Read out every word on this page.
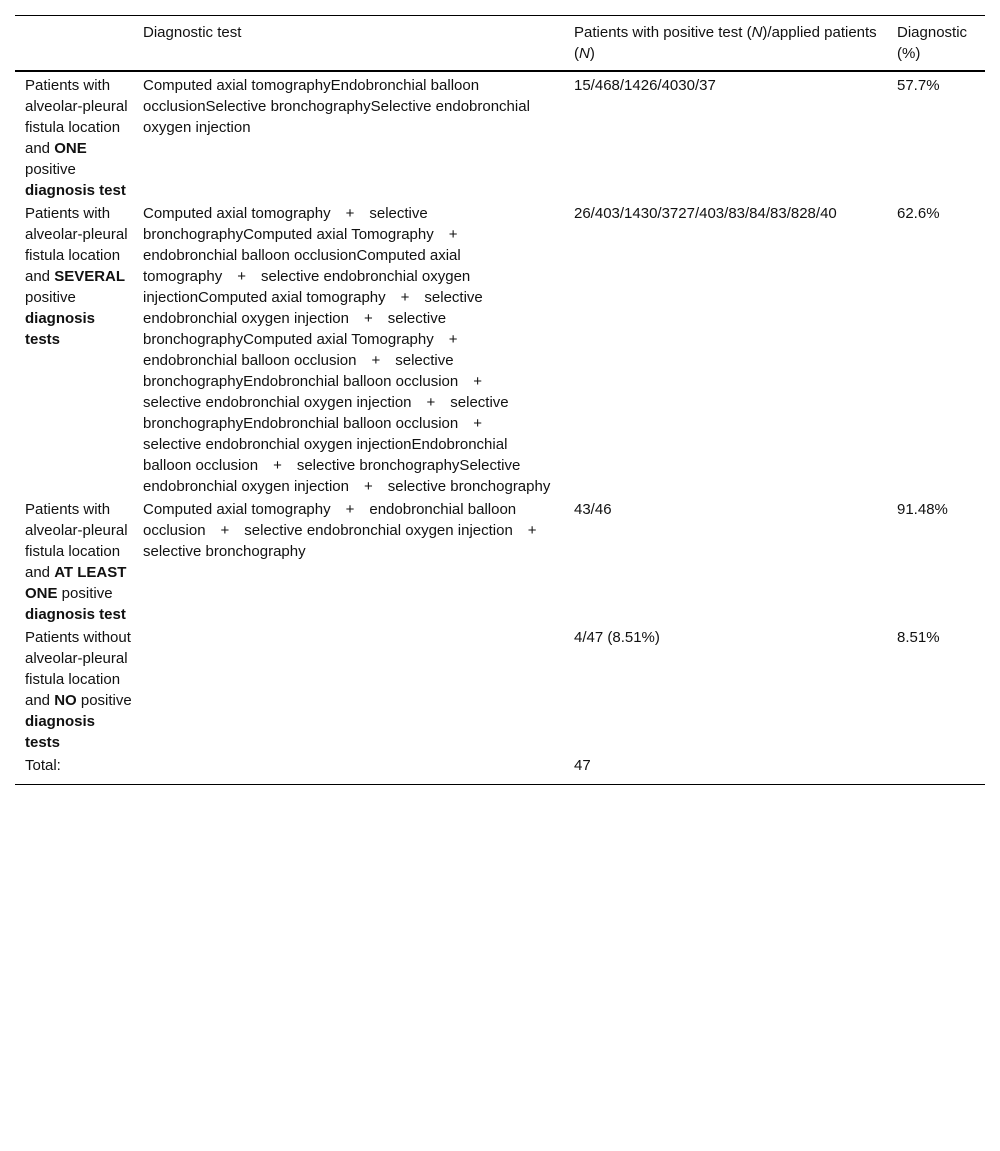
	Diagnostic test	Patients with positive test (N)/applied patients (N)	Diagnostic (%)
Patients with alveolar-pleural fistula location and ONE positive diagnosis test	Computed axial tomographyEndobronchial balloon occlusionSelective bronchographySelective endobronchial oxygen injection	15/468/1426/4030/37	57.7%
Patients with alveolar-pleural fistula location and SEVERAL positive diagnosis tests	Computed axial tomography  +  selective bronchographyComputed axial Tomography  +  endobronchial balloon occlusionComputed axial tomography  +  selective endobronchial oxygen injectionComputed axial tomography  +  selective endobronchial oxygen injection  +  selective bronchographyComputed axial Tomography  +  endobronchial balloon occlusion  +  selective bronchographyEndobronchial balloon occlusion  +  selective endobronchial oxygen injection  +  selective bronchographyEndobronchial balloon occlusion  +  selective endobronchial oxygen injectionEndobronchial balloon occlusion  +  selective bronchographySelective endobronchial oxygen injection  +  selective bronchography	26/403/1430/3727/403/83/84/83/828/40	62.6%
Patients with alveolar-pleural fistula location and AT LEAST ONE positive diagnosis test	Computed axial tomography  +  endobronchial balloon occlusion  +  selective endobronchial oxygen injection  +  selective bronchography	43/46	91.48%
Patients without alveolar-pleural fistula location and NO positive diagnosis tests		4/47 (8.51%)	8.51%
Total:		47	
